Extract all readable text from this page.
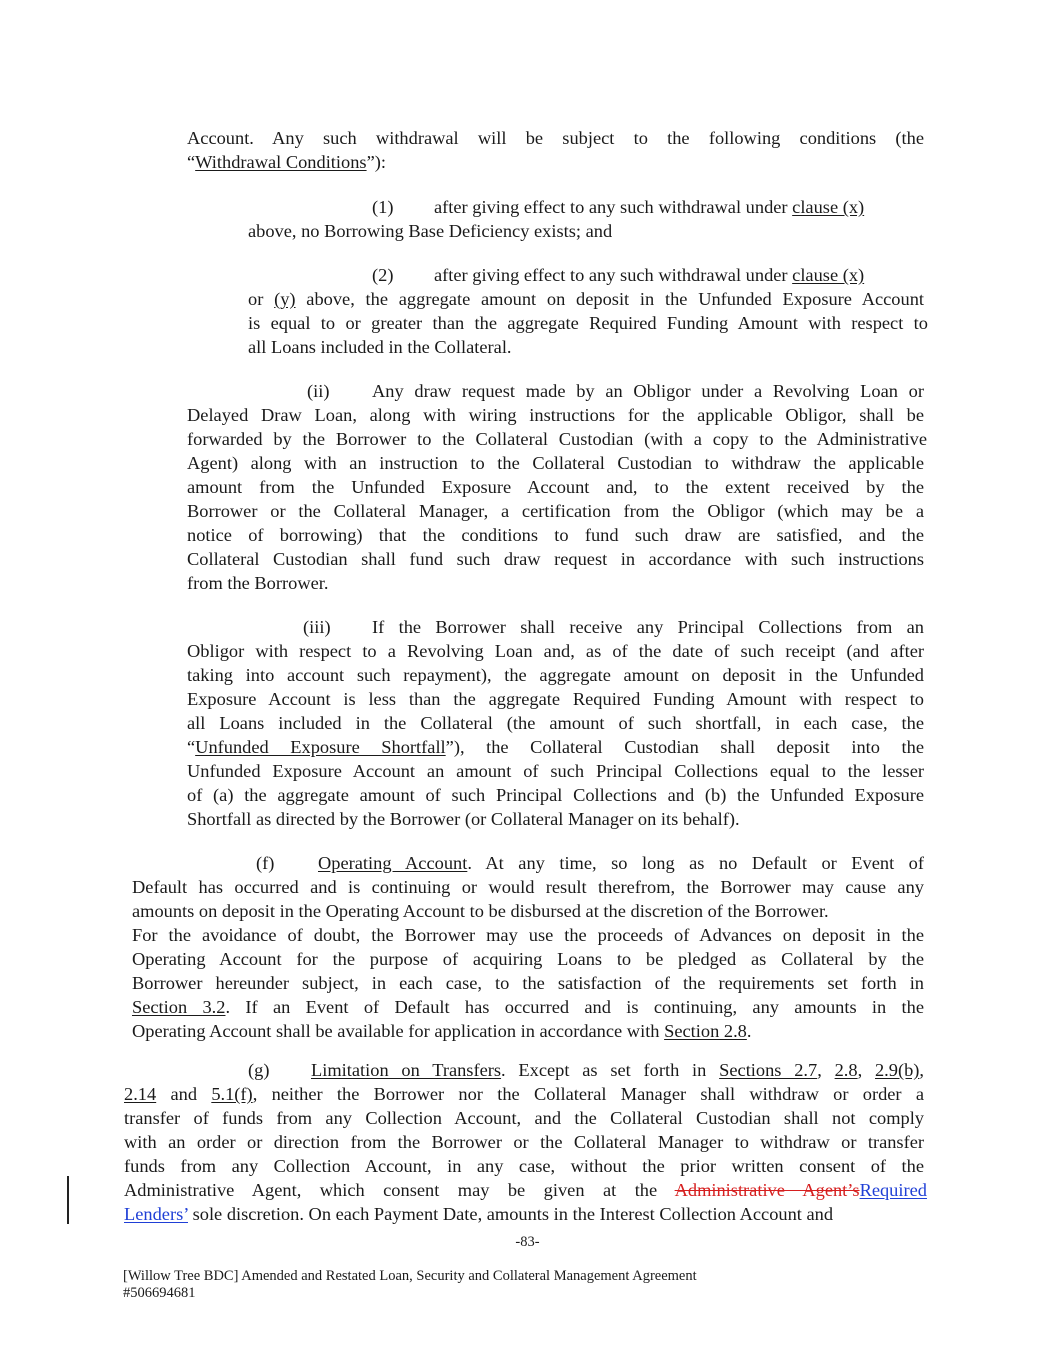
Account. Any such withdrawal will be subject to the following conditions (the
“Withdrawal Conditions”):
(1) after giving effect to any such withdrawal under clause (x)
above, no Borrowing Base Deficiency exists; and
(2) after giving effect to any such withdrawal under clause (x)
or (y) above, the aggregate amount on deposit in the Unfunded Exposure Account
is equal to or greater than the aggregate Required Funding Amount with respect to
all Loans included in the Collateral.
(ii) Any draw request made by an Obligor under a Revolving Loan or
Delayed Draw Loan, along with wiring instructions for the applicable Obligor, shall be
forwarded by the Borrower to the Collateral Custodian (with a copy to the Administrative
Agent) along with an instruction to the Collateral Custodian to withdraw the applicable
amount from the Unfunded Exposure Account and, to the extent received by the
Borrower or the Collateral Manager, a certification from the Obligor (which may be a
notice of borrowing) that the conditions to fund such draw are satisfied, and the
Collateral Custodian shall fund such draw request in accordance with such instructions
from the Borrower.
(iii) If the Borrower shall receive any Principal Collections from an
Obligor with respect to a Revolving Loan and, as of the date of such receipt (and after
taking into account such repayment), the aggregate amount on deposit in the Unfunded
Exposure Account is less than the aggregate Required Funding Amount with respect to
all Loans included in the Collateral (the amount of such shortfall, in each case, the
“Unfunded Exposure Shortfall”), the Collateral Custodian shall deposit into the
Unfunded Exposure Account an amount of such Principal Collections equal to the lesser
of (a) the aggregate amount of such Principal Collections and (b) the Unfunded Exposure
Shortfall as directed by the Borrower (or Collateral Manager on its behalf).
(f) Operating Account. At any time, so long as no Default or Event of
Default has occurred and is continuing or would result therefrom, the Borrower may cause any
amounts on deposit in the Operating Account to be disbursed at the discretion of the Borrower.
For the avoidance of doubt, the Borrower may use the proceeds of Advances on deposit in the
Operating Account for the purpose of acquiring Loans to be pledged as Collateral by the
Borrower hereunder subject, in each case, to the satisfaction of the requirements set forth in
Section 3.2. If an Event of Default has occurred and is continuing, any amounts in the
Operating Account shall be available for application in accordance with Section 2.8.
(g) Limitation on Transfers. Except as set forth in Sections 2.7, 2.8, 2.9(b),
2.14 and 5.1(f), neither the Borrower nor the Collateral Manager shall withdraw or order a
transfer of funds from any Collection Account, and the Collateral Custodian shall not comply
with an order or direction from the Borrower or the Collateral Manager to withdraw or transfer
funds from any Collection Account, in any case, without the prior written consent of the
Administrative Agent, which consent may be given at the Administrative Agent’sRequired
Lenders’ sole discretion. On each Payment Date, amounts in the Interest Collection Account and
-83-
[Willow Tree BDC] Amended and Restated Loan, Security and Collateral Management Agreement
#506694681
